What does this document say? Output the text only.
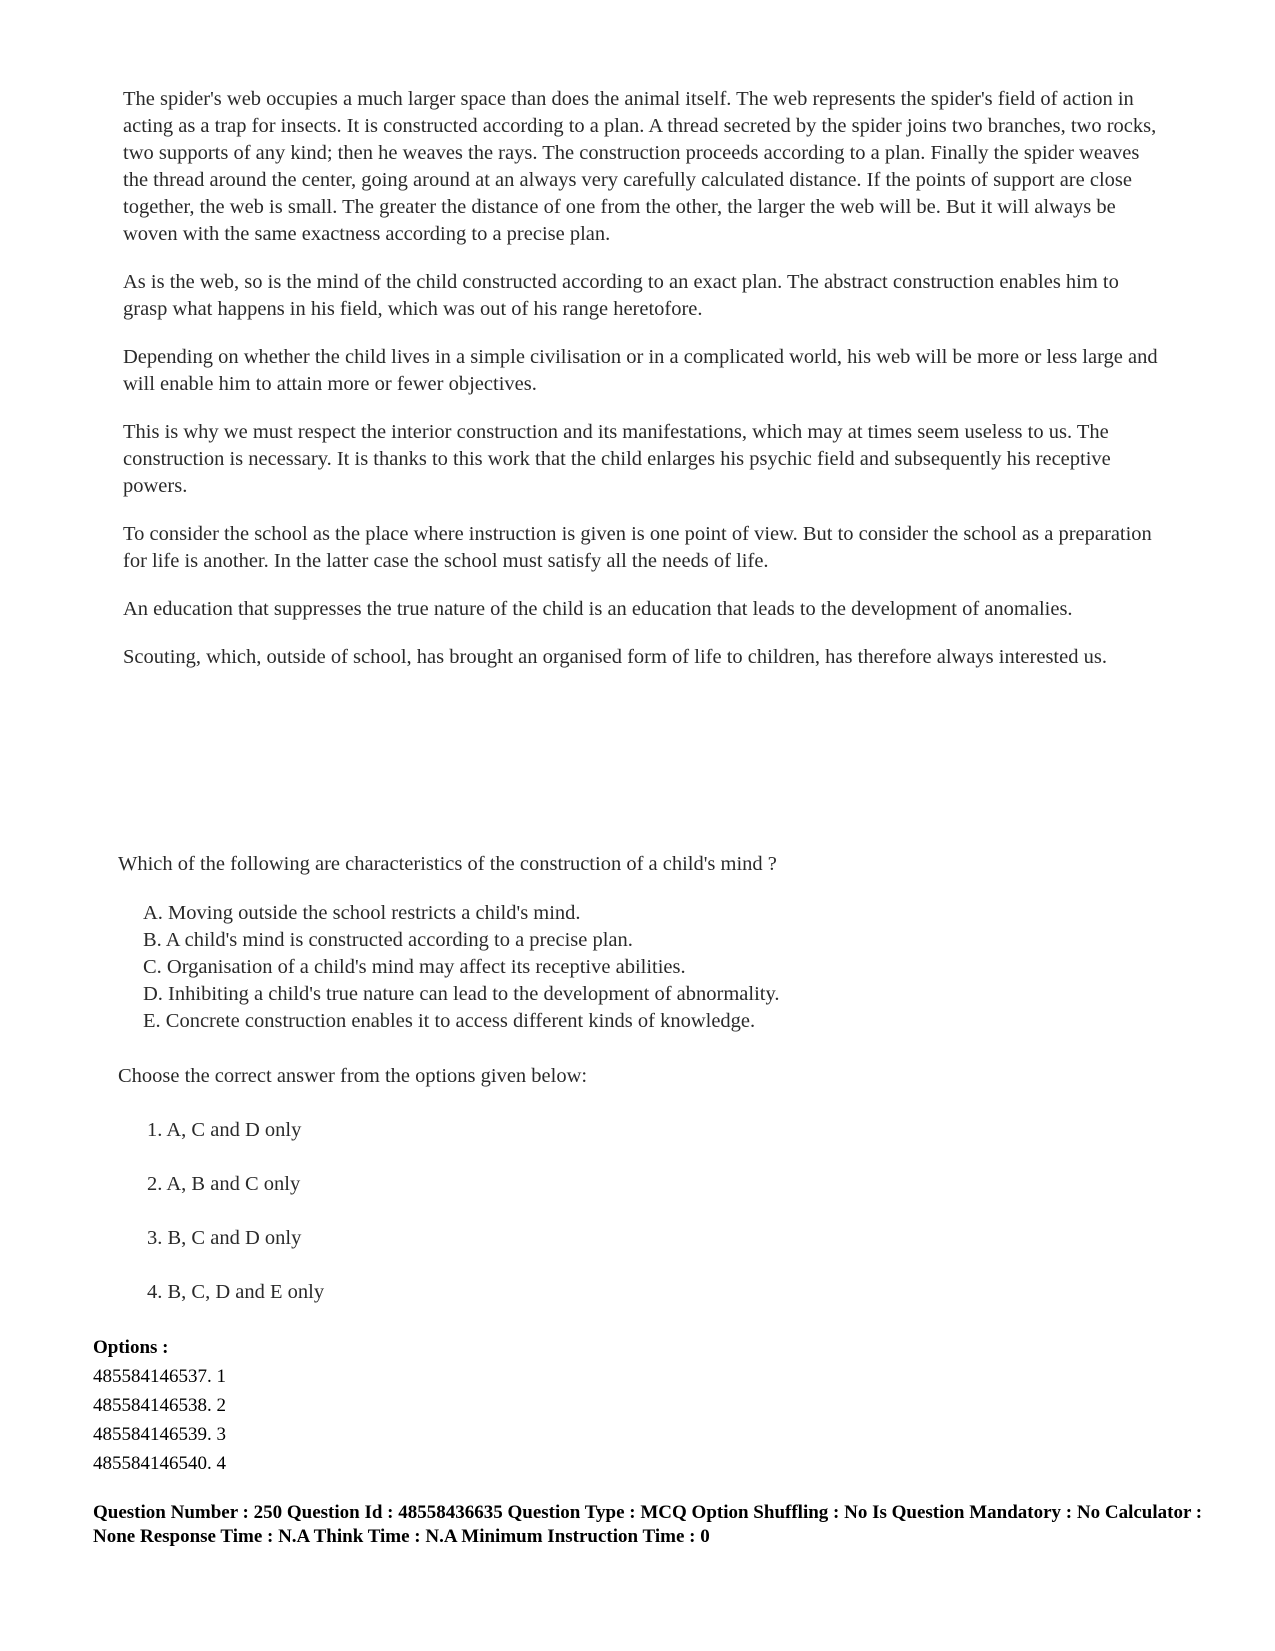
The spider's web occupies a much larger space than does the animal itself. The web represents the spider's field of action in acting as a trap for insects. It is constructed according to a plan. A thread secreted by the spider joins two branches, two rocks, two supports of any kind; then he weaves the rays. The construction proceeds according to a plan. Finally the spider weaves the thread around the center, going around at an always very carefully calculated distance. If the points of support are close together, the web is small. The greater the distance of one from the other, the larger the web will be. But it will always be woven with the same exactness according to a precise plan.

As is the web, so is the mind of the child constructed according to an exact plan. The abstract construction enables him to grasp what happens in his field, which was out of his range heretofore.

Depending on whether the child lives in a simple civilisation or in a complicated world, his web will be more or less large and will enable him to attain more or fewer objectives.

This is why we must respect the interior construction and its manifestations, which may at times seem useless to us. The construction is necessary. It is thanks to this work that the child enlarges his psychic field and subsequently his receptive powers.

To consider the school as the place where instruction is given is one point of view. But to consider the school as a preparation for life is another. In the latter case the school must satisfy all the needs of life.

An education that suppresses the true nature of the child is an education that leads to the development of anomalies.

Scouting, which, outside of school, has brought an organised form of life to children, has therefore always interested us.

Which of the following are characteristics of the construction of a child's mind ?

A. Moving outside the school restricts a child's mind.
B. A child's mind is constructed according to a precise plan.
C. Organisation of a child's mind may affect its receptive abilities.
D. Inhibiting a child's true nature can lead to the development of abnormality.
E. Concrete construction enables it to access different kinds of knowledge.

Choose the correct answer from the options given below:

1. A, C and D only
2. A, B and C only
3. B, C and D only
4. B, C, D and E only
Options :
485584146537. 1
485584146538. 2
485584146539. 3
485584146540. 4
Question Number : 250 Question Id : 48558436635 Question Type : MCQ Option Shuffling : No Is Question Mandatory : No Calculator : None Response Time : N.A Think Time : N.A Minimum Instruction Time : 0
